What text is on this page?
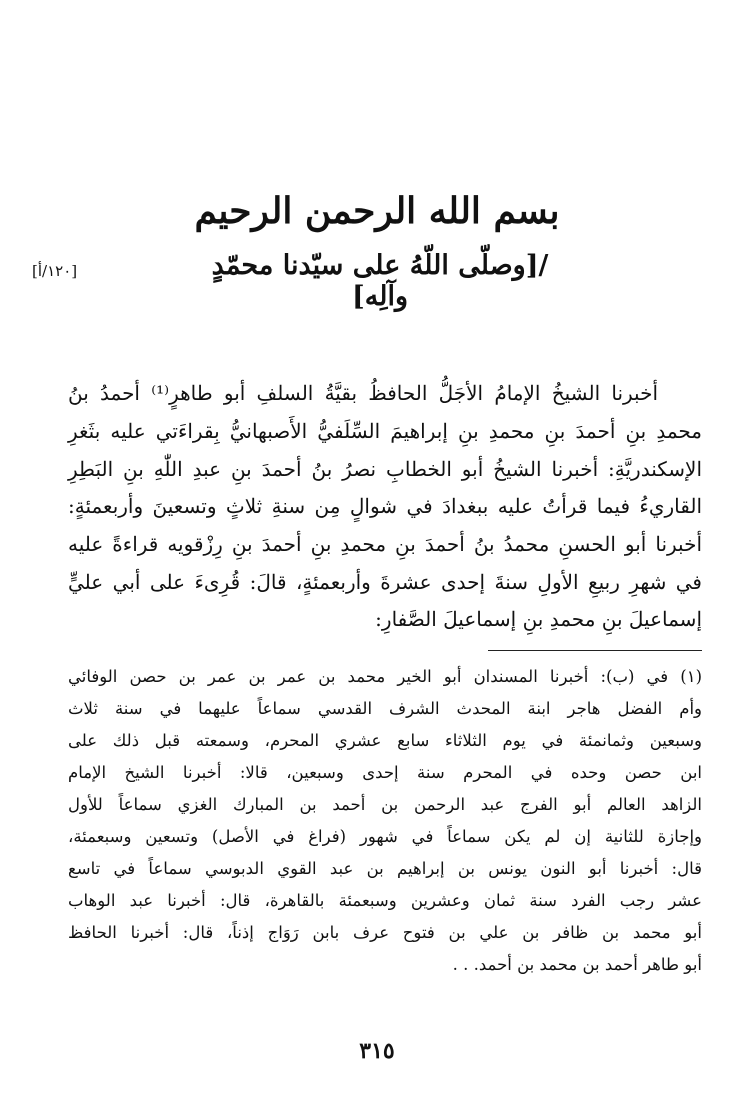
بسم الله الرحمن الرحيم
/[وصلّى اللّهُ على سيّدنا محمّدٍ وآلِه]
[١٢٠/أ]
أخبرنا الشيخُ الإمامُ الأجَلُّ الحافظُ بقيَّةُ السلفِ أبو طاهرٍ⁽¹⁾ أحمدُ بنُ
محمدِ بنِ أحمدَ بنِ محمدِ بنِ إبراهيمَ السِّلَفيُّ الأَصبهانيُّ بِقراءَتي عليه بثَغرِ
الإسكندريَّةِ: أخبرنا الشيخُ أبو الخطابِ نصرُ بنُ أحمدَ بنِ عبدِ اللّٰهِ بنِ البَطِرِ
القاريءُ فيما قرأتُ عليه ببغدادَ في شوالٍ مِن سنةِ ثلاثٍ وتسعينَ وأربعمئةٍ:
أخبرنا أبو الحسنِ محمدُ بنُ أحمدَ بنِ محمدِ بنِ أحمدَ بنِ رِزْقويه قراءةً عليه
في شهرِ ربيعِ الأولِ سنةَ إحدى عشرةَ وأربعمئةٍ، قالَ: قُرِىءَ على أبي عليٍّ
إسماعيلَ بنِ محمدِ بنِ إسماعيلَ الصَّفارِ:
(١) في (ب): أخبرنا المسندان أبو الخير محمد بن عمر بن عمر بن حصن الوفائي
وأم الفضل هاجر ابنة المحدث الشرف القدسي سماعاً عليهما في سنة ثلاث
وسبعين وثمانمئة في يوم الثلاثاء سابع عشري المحرم، وسمعته قبل ذلك على
ابن حصن وحده في المحرم سنة إحدى وسبعين، قالا: أخبرنا الشيخ الإمام
الزاهد العالم أبو الفرج عبد الرحمن بن أحمد بن المبارك الغزي سماعاً للأول
وإجازة للثانية إن لم يكن سماعاً في شهور (فراغ في الأصل) وتسعين وسبعمئة،
قال: أخبرنا أبو النون يونس بن إبراهيم بن عبد القوي الدبوسي سماعاً في تاسع
عشر رجب الفرد سنة ثمان وعشرين وسبعمئة بالقاهرة، قال: أخبرنا عبد الوهاب
أبو محمد بن ظافر بن علي بن فتوح عرف بابن رَوَاج إذناً، قال: أخبرنا الحافظ
أبو طاهر أحمد بن محمد بن أحمد. . .
٣١٥
